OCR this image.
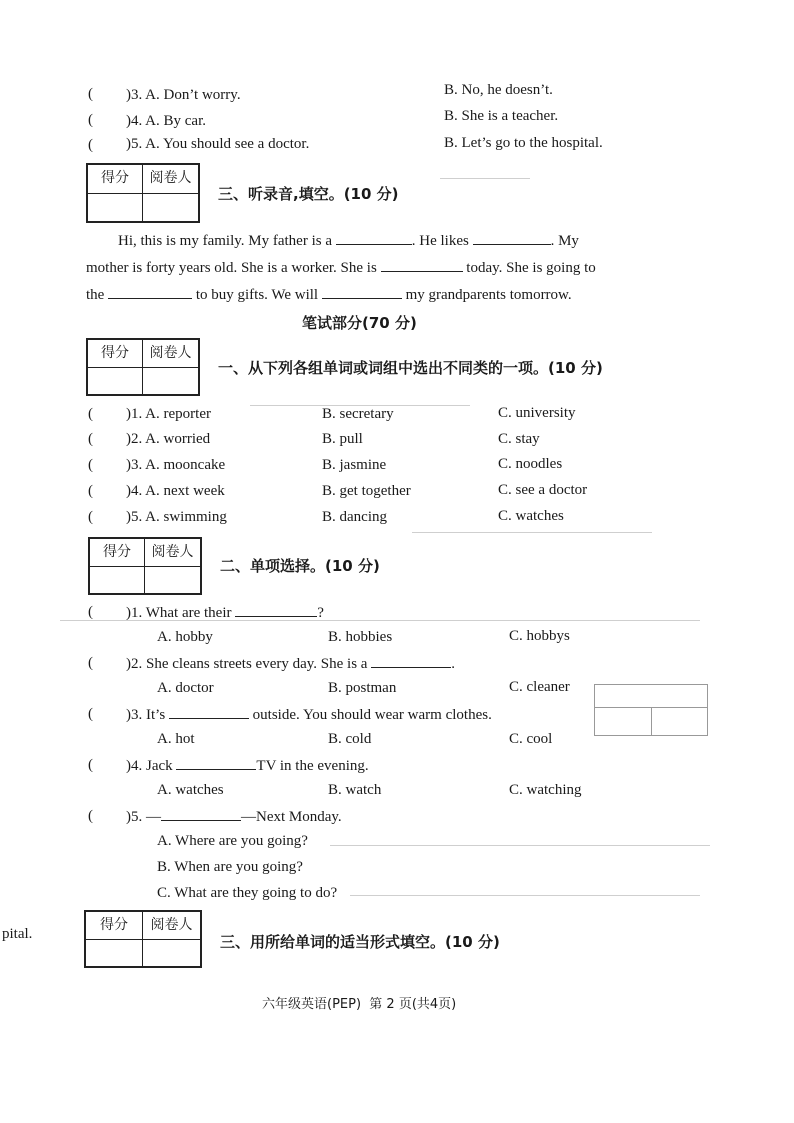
( )3. A. Don’t worry.	B. No, he doesn’t.
( )4. A. By car.	B. She is a teacher.
( )5. A. You should see a doctor.	B. Let’s go to the hospital.
得分	阅卷人
三、听录音,填空。(10 分)
Hi, this is my family. My father is a	. He likes	. My
mother is forty years old. She is a worker. She is	today. She is going to
the	to buy gifts. We will	my grandparents tomorrow.
笔试部分(70 分)
得分	阅卷人
一、从下列各组单词或词组中选出不同类的一项。(10 分)
( )1. A. reporter	B. secretary	C. university
( )2. A. worried	B. pull	C. stay
( )3. A. mooncake	B. jasmine	C. noodles
( )4. A. next week	B. get together	C. see a doctor
( )5. A. swimming	B. dancing	C. watches
得分	阅卷人
二、单项选择。(10 分)
( )1. What are their	?
A. hobby	B. hobbies	C. hobbys
( )2. She cleans streets every day. She is a	.
A. doctor	B. postman	C. cleaner
( )3. It’s	outside. You should wear warm clothes.
A. hot	B. cold	C. cool
( )4. Jack	TV in the evening.
A. watches	B. watch	C. watching
( )5. —	—Next Monday.
A. Where are you going?
B. When are you going?
C. What are they going to do?
得分	阅卷人
三、用所给单词的适当形式填空。(10 分)
pital.
六年级英语(PEP)  第 2 页(共4页)
